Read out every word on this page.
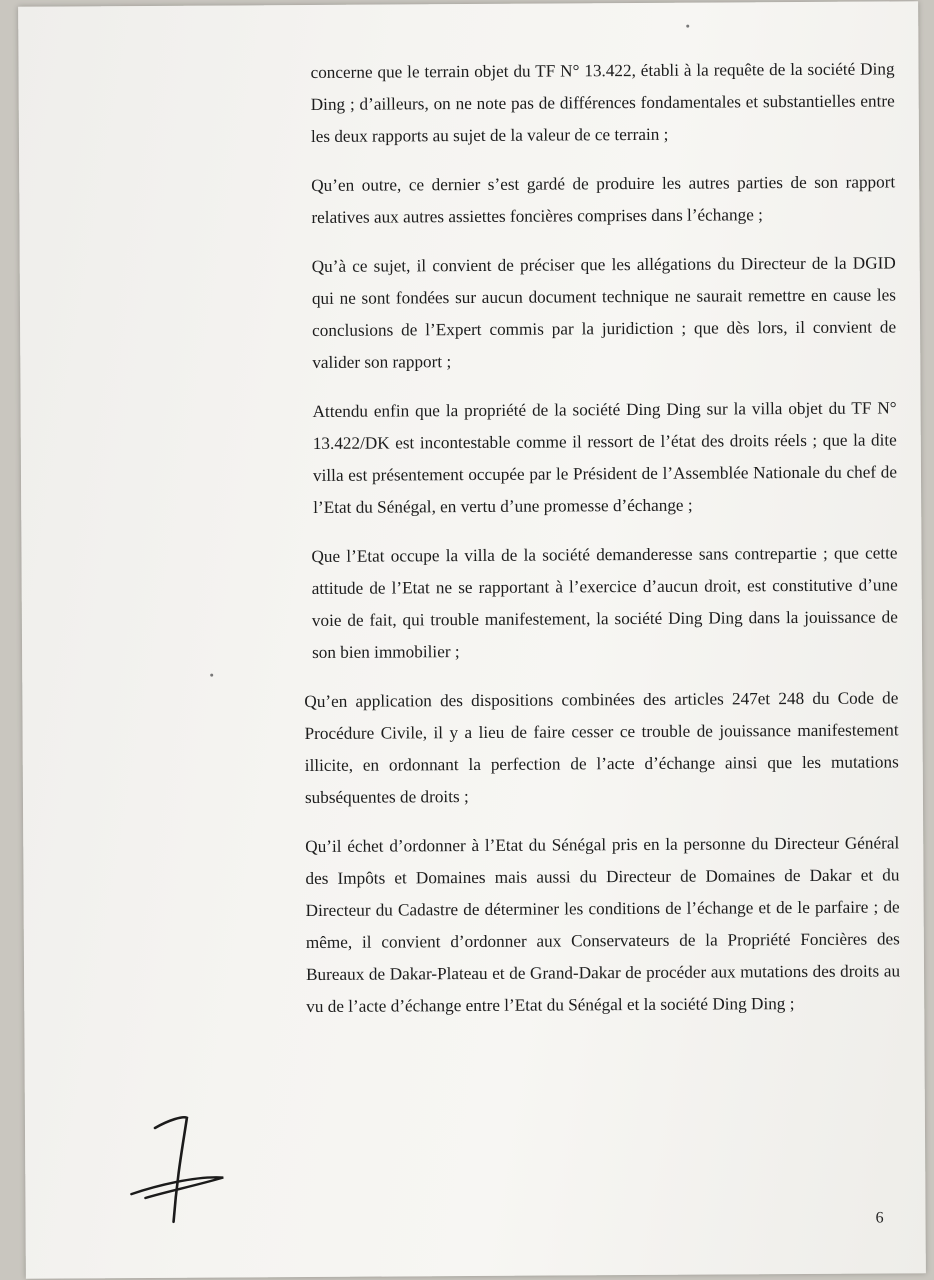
concerne que le terrain objet du TF N° 13.422, établi à la requête de la société Ding Ding ; d’ailleurs, on ne note pas de différences fondamentales et substantielles entre les deux rapports au sujet de la valeur de ce terrain ;

Qu’en outre, ce dernier s’est gardé de produire les autres parties de son rapport relatives aux autres assiettes foncières comprises dans l’échange ;

Qu’à ce sujet, il convient de préciser que les allégations du Directeur de la DGID qui ne sont fondées sur aucun document technique ne saurait remettre en cause les conclusions de l’Expert commis par la juridiction ; que dès lors, il convient de valider son rapport ;

Attendu enfin que la propriété de la société Ding Ding sur la villa objet du TF N° 13.422/DK est incontestable comme il ressort de l’état des droits réels ; que la dite villa est présentement occupée par le Président de l’Assemblée Nationale du chef de l’Etat du Sénégal, en vertu d’une promesse d’échange ;

Que l’Etat occupe la villa de la société demanderesse sans contrepartie ; que cette attitude de l’Etat ne se rapportant à l’exercice d’aucun droit, est constitutive d’une voie de fait, qui trouble manifestement, la société Ding Ding dans la jouissance de son bien immobilier ;

Qu’en application des dispositions combinées des articles 247et 248 du Code de Procédure Civile, il y a lieu de faire cesser ce trouble de jouissance manifestement illicite, en ordonnant la perfection de l’acte d’échange ainsi que les mutations subséquentes de droits ;

Qu’il échet d’ordonner à l’Etat du Sénégal pris en la personne du Directeur Général des Impôts et Domaines mais aussi du Directeur de Domaines de Dakar et du Directeur du Cadastre de déterminer les conditions de l’échange et de le parfaire ; de même, il convient d’ordonner aux Conservateurs de la Propriété Foncières des Bureaux de Dakar-Plateau et de Grand-Dakar de procéder aux mutations des droits au vu de l’acte d’échange entre l’Etat du Sénégal et la société Ding Ding ;

6
